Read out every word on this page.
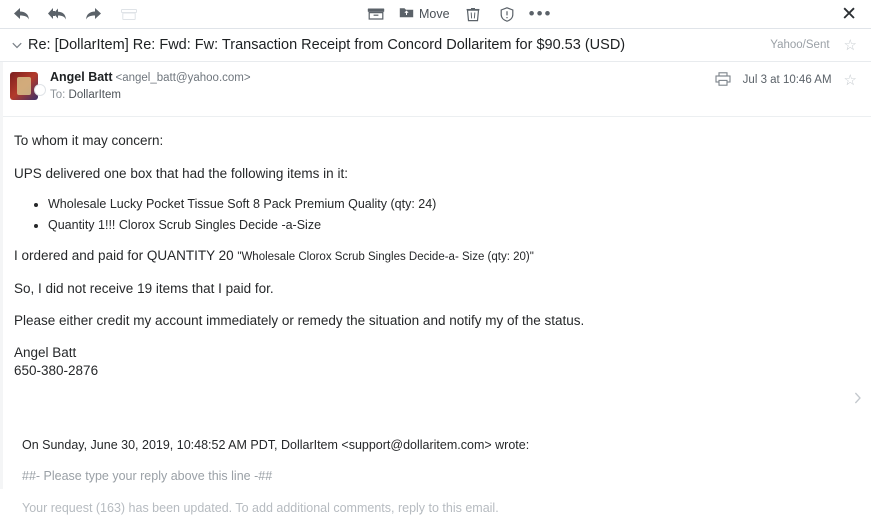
Move	•••	✕
Re: [DollarItem] Re: Fwd: Fw: Transaction Receipt from Concord Dollaritem for $90.53 (USD)	Yahoo/Sent ☆
Angel Batt <angel_batt@yahoo.com>
To: DollarItem
Jul 3 at 10:46 AM ☆

To whom it may concern:

UPS delivered one box that had the following items in it:

• Wholesale Lucky Pocket Tissue Soft 8 Pack Premium Quality (qty: 24)
• Quantity 1!!! Clorox Scrub Singles Decide -a-Size

I ordered and paid for QUANTITY 20 "Wholesale Clorox Scrub Singles Decide-a- Size (qty: 20)"

So, I did not receive 19 items that I paid for.

Please either credit my account immediately or remedy the situation and notify my of the status.

Angel Batt
650-380-2876

On Sunday, June 30, 2019, 10:48:52 AM PDT, DollarItem <support@dollaritem.com> wrote:

##- Please type your reply above this line -##

Your request (163) has been updated. To add additional comments, reply to this email.
